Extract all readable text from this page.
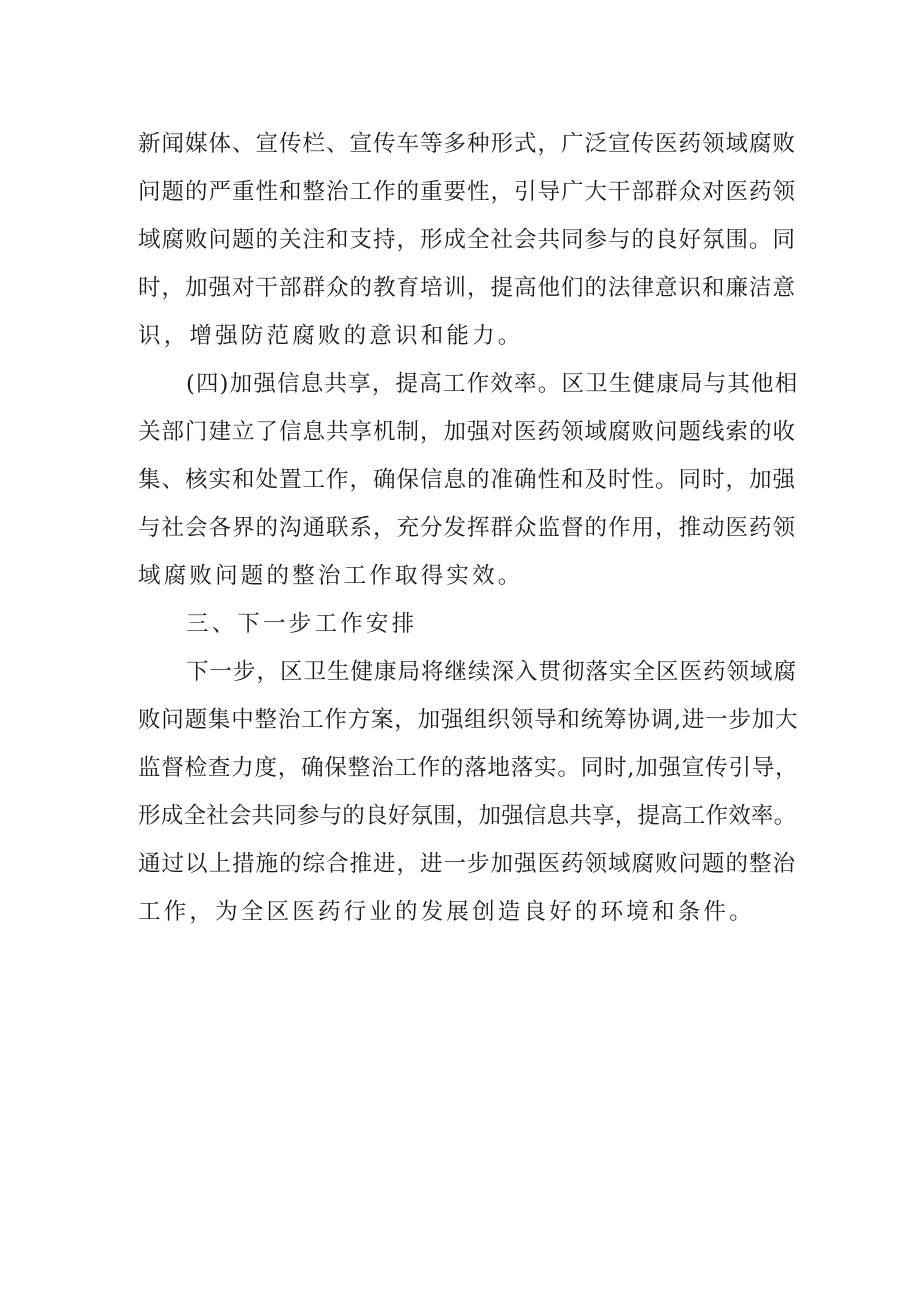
新闻媒体、宣传栏、宣传车等多种形式，广泛宣传医药领域腐败
问题的严重性和整治工作的重要性，引导广大干部群众对医药领
域腐败问题的关注和支持，形成全社会共同参与的良好氛围。同
时，加强对干部群众的教育培训，提高他们的法律意识和廉洁意
识，增强防范腐败的意识和能力。
(四)加强信息共享，提高工作效率。区卫生健康局与其他相
关部门建立了信息共享机制，加强对医药领域腐败问题线索的收
集、核实和处置工作，确保信息的准确性和及时性。同时，加强
与社会各界的沟通联系，充分发挥群众监督的作用，推动医药领
域腐败问题的整治工作取得实效。
三、下一步工作安排
下一步，区卫生健康局将继续深入贯彻落实全区医药领域腐
败问题集中整治工作方案，加强组织领导和统筹协调,进一步加大
监督检查力度，确保整治工作的落地落实。同时,加强宣传引导，
形成全社会共同参与的良好氛围，加强信息共享，提高工作效率。
通过以上措施的综合推进，进一步加强医药领域腐败问题的整治
工作，为全区医药行业的发展创造良好的环境和条件。
